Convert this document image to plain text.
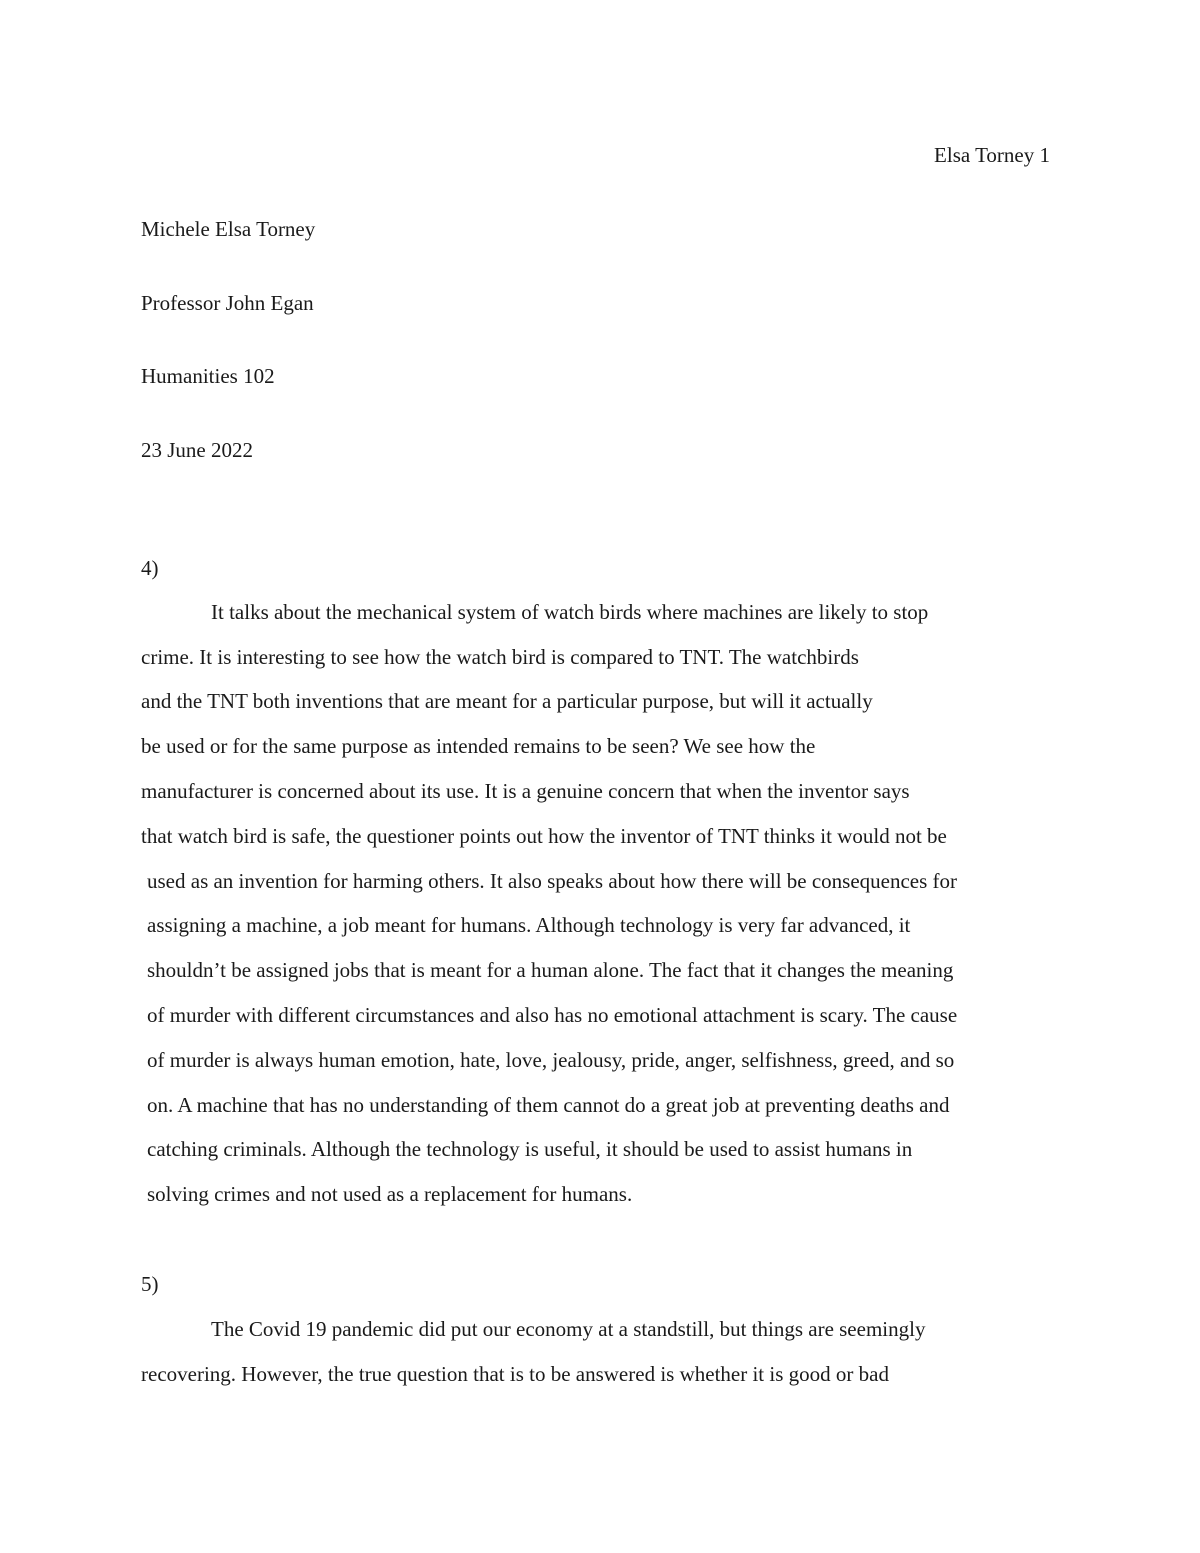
Elsa Torney 1
Michele Elsa Torney
Professor John Egan
Humanities 102
23 June 2022
4)
It talks about the mechanical system of watch birds where machines are likely to stop
crime. It is interesting to see how the watch bird is compared to TNT. The watchbirds
and the TNT both inventions that are meant for a particular purpose, but will it actually
be used or for the same purpose as intended remains to be seen? We see how the
manufacturer is concerned about its use. It is a genuine concern that when the inventor says
that watch bird is safe, the questioner points out how the inventor of TNT thinks it would not be
used as an invention for harming others. It also speaks about how there will be consequences for
assigning a machine, a job meant for humans. Although technology is very far advanced, it
shouldn’t be assigned jobs that is meant for a human alone. The fact that it changes the meaning
of murder with different circumstances and also has no emotional attachment is scary. The cause
of murder is always human emotion, hate, love, jealousy, pride, anger, selfishness, greed, and so
on. A machine that has no understanding of them cannot do a great job at preventing deaths and
catching criminals. Although the technology is useful, it should be used to assist humans in
solving crimes and not used as a replacement for humans.
5)
The Covid 19 pandemic did put our economy at a standstill, but things are seemingly
recovering. However, the true question that is to be answered is whether it is good or bad
